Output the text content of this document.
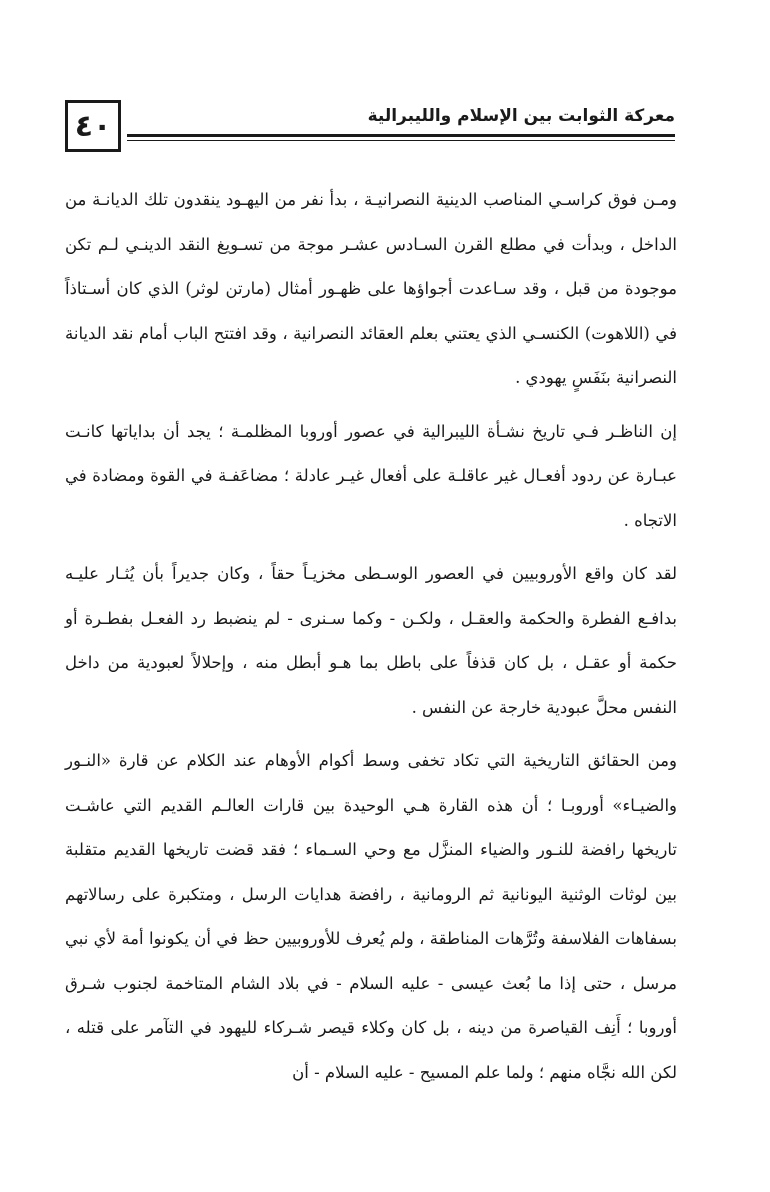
٤٠	معركة الثوابت بين الإسلام والليبرالية

ومـن فوق كراسـي المناصب الدينية النصرانيـة ، بدأ نفر من اليهـود ينقدون تلك الديانـة من الداخل ، وبدأت في مطلع القرن السـادس عشـر موجة من تسـويغ النقد الدينـي لـم تكن موجودة من قبل ، وقد سـاعدت أجواؤها على ظهـور أمثال (مارتن لوثر) الذي كان أسـتاذاً في (اللاهوت) الكنسـي الذي يعتني بعلم العقائد النصرانية ، وقد افتتح الباب أمام نقد الديانة النصرانية بنَفَسٍ يهودي .

إن الناظـر فـي تاريخ نشـأة الليبرالية في عصور أوروبا المظلمـة ؛ يجد أن بداياتها كانـت عبـارة عن ردود أفعـال غير عاقلـة على أفعال غيـر عادلة ؛ مضاعَفـة في القوة ومضادة في الاتجاه .

لقد كان واقع الأوروبيين في العصور الوسـطى مخزيـاً حقاً ، وكان جديراً بأن يُثـار عليـه بدافـع الفطرة والحكمة والعقـل ، ولكـن - وكما سـنرى - لم ينضبط رد الفعـل بفطـرة أو حكمة أو عقـل ، بل كان قذفاً على باطل بما هـو أبطل منه ، وإحلالاً لعبودية من داخل النفس محلَّ عبودية خارجة عن النفس .

ومن الحقائق التاريخية التي تكاد تخفى وسط أكوام الأوهام عند الكلام عن قارة «النـور والضيـاء» أوروبـا ؛ أن هذه القارة هـي الوحيدة بين قارات العالـم القديم التي عاشـت تاريخها رافضة للنـور والضياء المنزَّل مع وحي السـماء ؛ فقد قضت تاريخها القديم متقلبة بين لوثات الوثنية اليونانية ثم الرومانية ، رافضة هدايات الرسل ، ومتكبرة على رسالاتهم بسفاهات الفلاسفة وتُرَّهات المناطقة ، ولم يُعرف للأوروبيين حظ في أن يكونوا أمة لأي نبي مرسل ، حتى إذا ما بُعث عيسى - عليه السلام - في بلاد الشام المتاخمة لجنوب شـرق أوروبا ؛ أَنِف القياصرة من دينه ، بل كان وكلاء قيصر شـركاء لليهود في التآمر على قتله ، لكن الله نجَّاه منهم ؛ ولما علم المسيح - عليه السلام - أن
